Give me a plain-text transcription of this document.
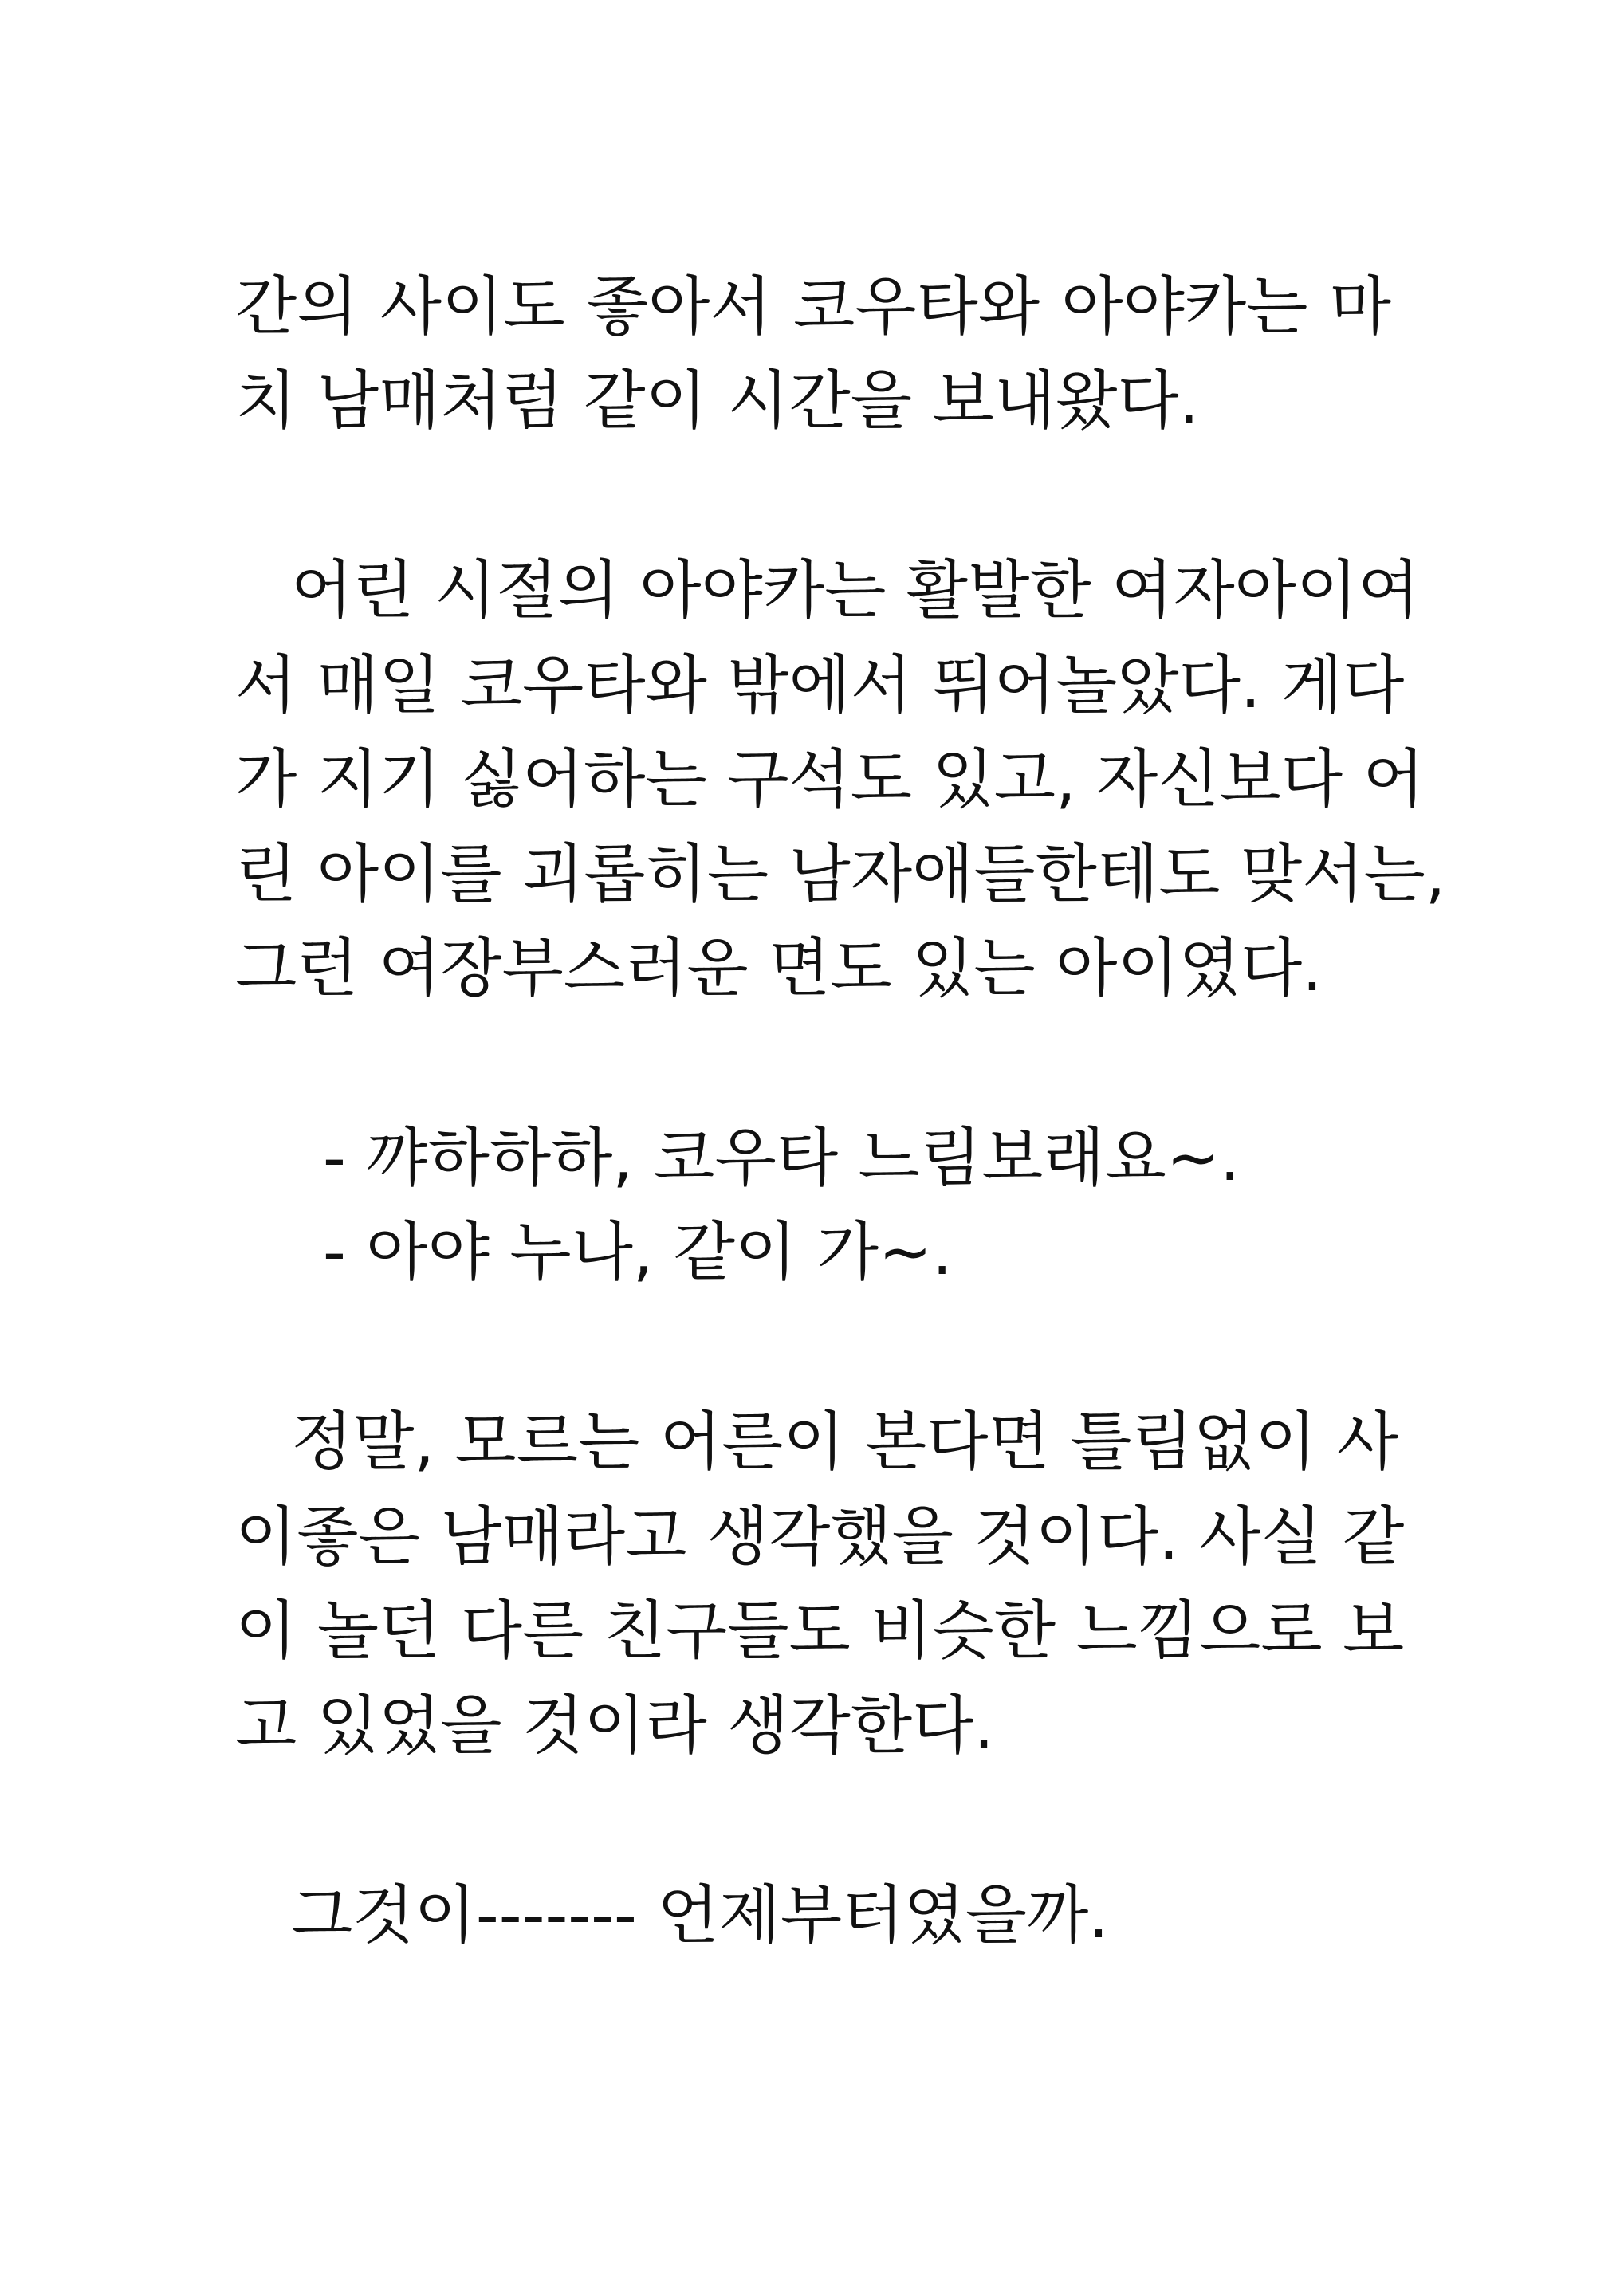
간의 사이도 좋아서 코우타와 아야카는 마
치 남매처럼 같이 시간을 보내왔다.
어린 시절의 아야카는 활발한 여자아이여
서 매일 코우타와 밖에서 뛰어놀았다. 게다
가 지기 싫어하는 구석도 있고, 자신보다 어
린 아이를 괴롭히는 남자애들한테도 맞서는,
그런 여장부스러운 면도 있는 아이였다.
- 꺄하하하, 코우타 느림보래요~.
- 아야 누나, 같이 가~.
정말, 모르는 어른이 본다면 틀림없이 사
이좋은 남매라고 생각했을 것이다. 사실 같
이 놀던 다른 친구들도 비슷한 느낌으로 보
고 있었을 것이라 생각한다.
그것이------- 언제부터였을까.
